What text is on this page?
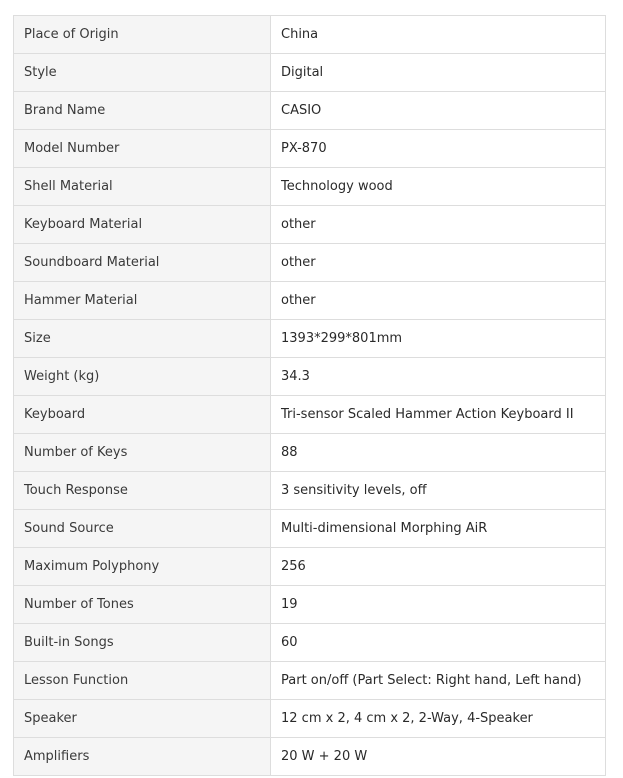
Place of Origin	China
Style	Digital
Brand Name	CASIO
Model Number	PX-870
Shell Material	Technology wood
Keyboard Material	other
Soundboard Material	other
Hammer Material	other
Size	1393*299*801mm
Weight (kg)	34.3
Keyboard	Tri-sensor Scaled Hammer Action Keyboard II
Number of Keys	88
Touch Response	3 sensitivity levels, off
Sound Source	Multi-dimensional Morphing AiR
Maximum Polyphony	256
Number of Tones	19
Built-in Songs	60
Lesson Function	Part on/off (Part Select: Right hand, Left hand)
Speaker	12 cm x 2, 4 cm x 2, 2-Way, 4-Speaker
Amplifiers	20 W + 20 W
